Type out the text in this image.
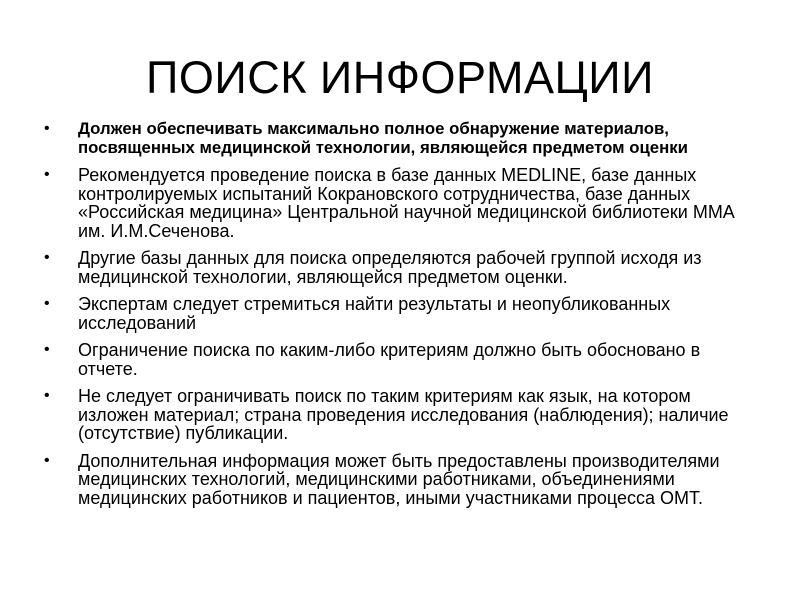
ПОИСК ИНФОРМАЦИИ
• Должен обеспечивать максимально полное обнаружение материалов, посвященных медицинской технологии, являющейся предметом оценки
• Рекомендуется проведение поиска в базе данных MEDLINE, базе данных контролируемых испытаний Кокрановского сотрудничества, базе данных «Российская медицина» Центральной научной медицинской библиотеки ММА им. И.М.Сеченова.
• Другие базы данных для поиска определяются рабочей группой исходя из медицинской технологии, являющейся предметом оценки.
• Экспертам следует стремиться найти результаты и неопубликованных исследований
• Ограничение поиска по каким-либо критериям должно быть обосновано в отчете.
• Не следует ограничивать поиск по таким критериям как язык, на котором изложен материал; страна проведения исследования (наблюдения); наличие (отсутствие) публикации.
• Дополнительная информация может быть предоставлены производителями медицинских технологий, медицинскими работниками, объединениями медицинских работников и пациентов, иными участниками процесса ОМТ.
